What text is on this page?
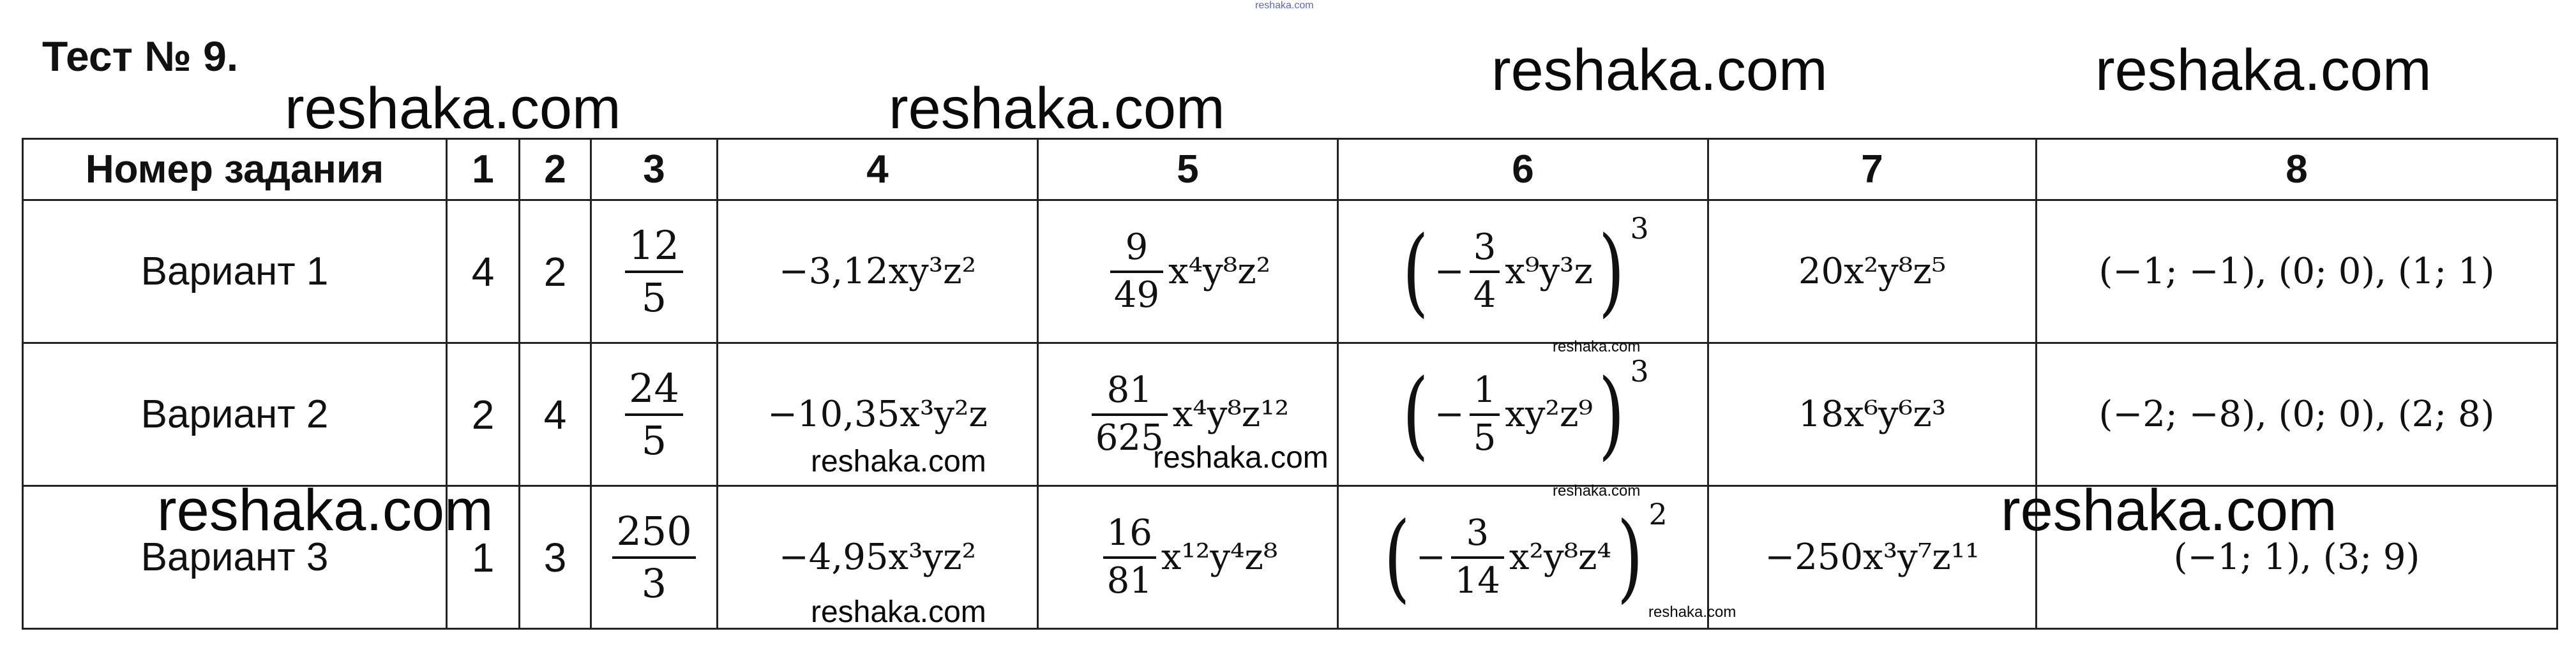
reshaka.com
Тест № 9.
Номер задания	1	2	3	4	5	6	7	8
Вариант 1	4	2	$\frac{12}{5}$	−3,12xy³z²	$\frac{9}{49} x^4y^8z^2$	( − $\frac{3}{4} x^9y^3z$) 3	20x²y⁸z⁵	(−1; −1), (0; 0), (1; 1)
Вариант 2	2	4	$\frac{24}{5}$	−10,35x³y²z	$\frac{81}{625} x^4y^8z^{12}$	( − $\frac{1}{5} xy^2z^9$) 3	18x⁶y⁶z³	(−2; −8), (0; 0), (2; 8)
Вариант 3	1	3	$\frac{250}{3}$	−4,95x³yz²	$\frac{16}{81} x^{12}y^4z^8$	( − $\frac{3}{14} x^2y^8z^4$) 2	−250x³y⁷z¹¹	(−1; 1), (3; 9)
reshaka.com	reshaka.com
reshaka.com	reshaka.com
reshaka.com	reshaka.com
reshaka.com
reshaka.com
reshaka.com
reshaka.com
reshaka.com
reshaka.com
